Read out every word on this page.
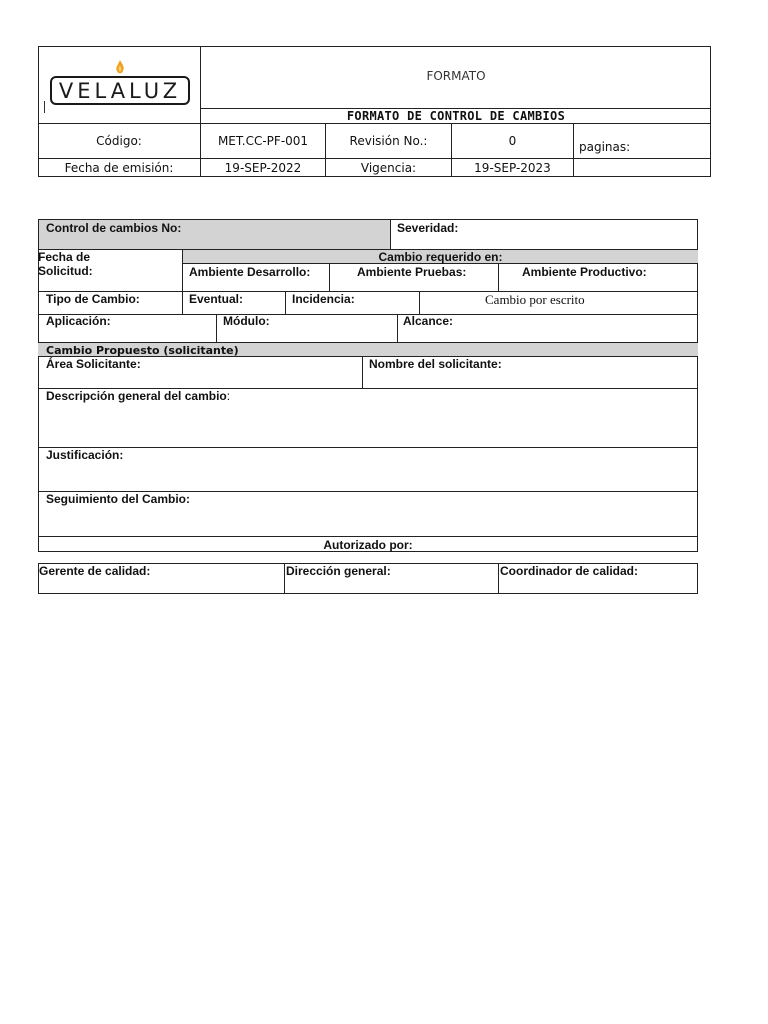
VELALUZ
FORMATO
FORMATO DE CONTROL DE CAMBIOS
Código:	MET.CC-PF-001	Revisión No.:	0	paginas:
Fecha de emisión:	19-SEP-2022	Vigencia:	19-SEP-2023
Control de cambios No:	Severidad:
Fecha de
Solicitud:
Cambio requerido en:
Ambiente Desarrollo:	Ambiente Pruebas:	Ambiente Productivo:
Tipo de Cambio:	Eventual:	Incidencia:	Cambio por escrito
Aplicación:	Módulo:	Alcance:
Cambio Propuesto (solicitante)
Área Solicitante:	Nombre del solicitante:
Descripción general del cambio:
Justificación:
Seguimiento del Cambio:
Autorizado por:
Gerente de calidad:	Dirección general:	Coordinador de calidad:
